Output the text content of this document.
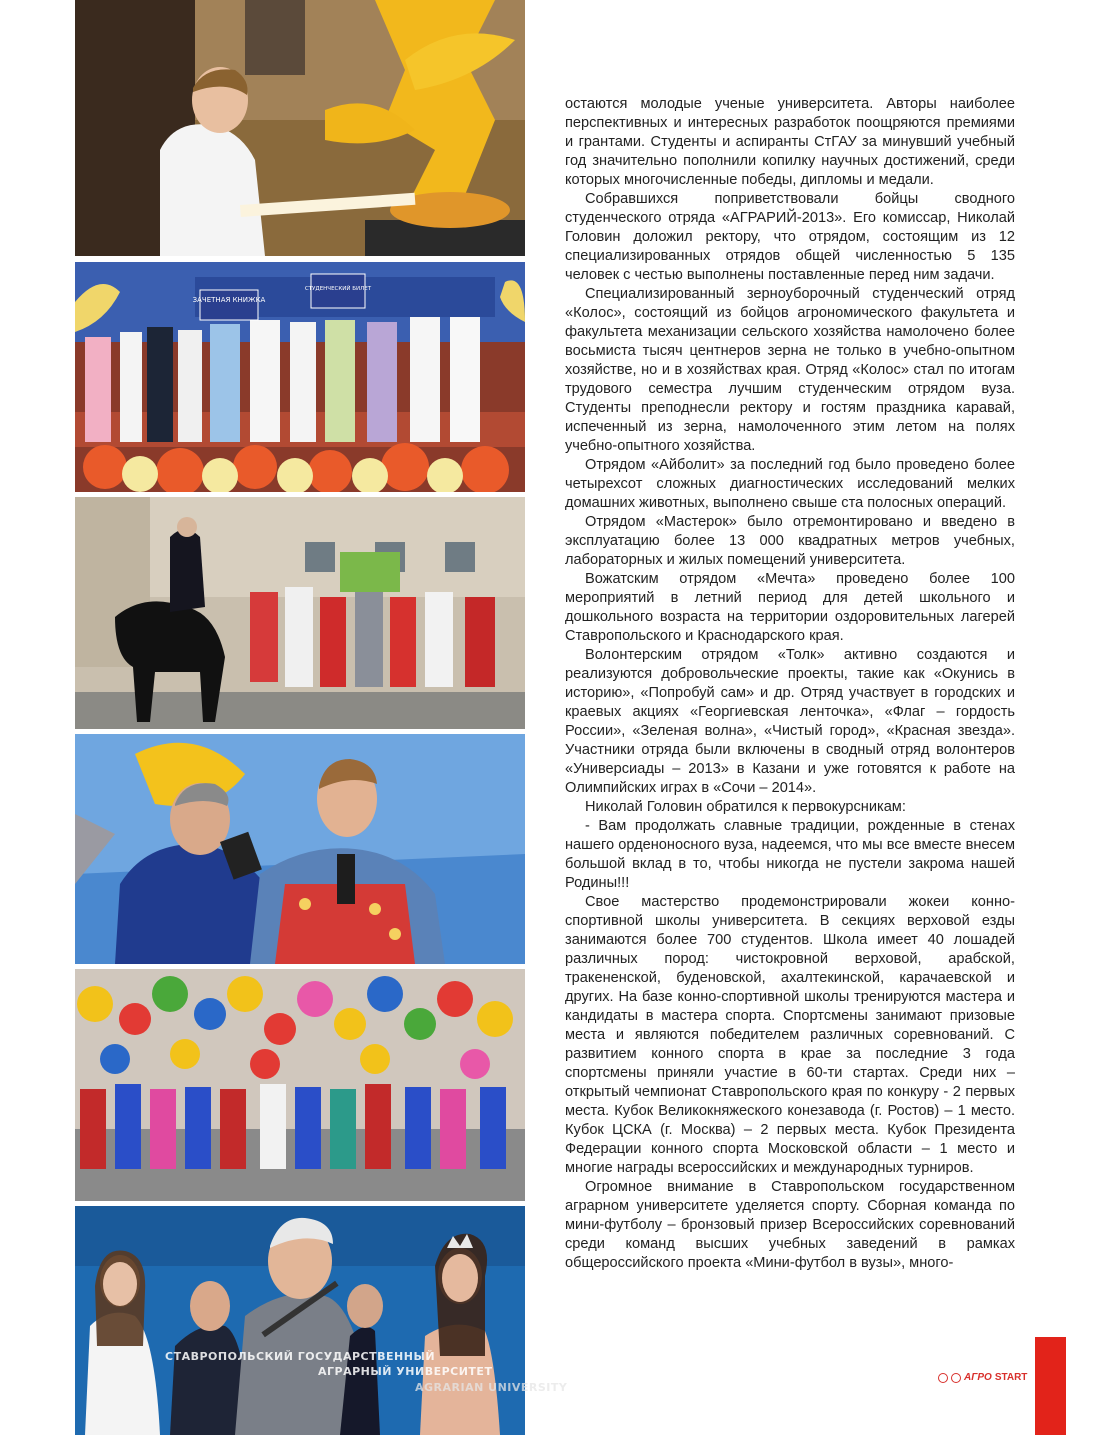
ЗАЧЕТНАЯ КНИЖКА
СТУДЕНЧЕСКИЙ БИЛЕТ
СТАВРОПОЛЬСКИЙ ГОСУДАРСТВЕННЫЙ
АГРАРНЫЙ УНИВЕРСИТЕТ
AGRARIAN UNIVERSITY

остаются молодые ученые университета. Авторы наиболее перспективных и интересных разработок поощряются премиями и грантами. Студенты и аспиранты СтГАУ за минувший учебный год значительно пополнили копилку научных достижений, среди которых многочисленные победы, дипломы и медали.

Собравшихся поприветствовали бойцы сводного студенческого отряда «АГРАРИЙ-2013». Его комиссар, Николай Головин доложил ректору, что отрядом, состоящим из 12 специализированных отрядов общей численностью 5 135 человек с честью выполнены поставленные перед ним задачи.

Специализированный зерноуборочный студенческий отряд «Колос», состоящий из бойцов агрономического факультета и факультета механизации сельского хозяйства намолочено более восьмиста тысяч центнеров зерна не только в учебно-опытном хозяйстве, но и в хозяйствах края. Отряд «Колос» стал по итогам трудового семестра лучшим студенческим отрядом вуза. Студенты преподнесли ректору и гостям праздника каравай, испеченный из зерна, намолоченного этим летом на полях учебно-опытного хозяйства.

Отрядом «Айболит» за последний год было проведено более четырехсот сложных диагностических исследований мелких домашних животных, выполнено свыше ста полосных операций.

Отрядом «Мастерок» было отремонтировано и введено в эксплуатацию более 13 000 квадратных метров учебных, лабораторных и жилых помещений университета.

Вожатским отрядом «Мечта» проведено более 100 мероприятий в летний период для детей школьного и дошкольного возраста на территории оздоровительных лагерей Ставропольского и Краснодарского края.

Волонтерским отрядом «Толк» активно создаются и реализуются добровольческие проекты, такие как «Окунись в историю», «Попробуй сам» и др. Отряд участвует в городских и краевых акциях «Георгиевская ленточка», «Флаг – гордость России», «Зеленая волна», «Чистый город», «Красная звезда». Участники отряда были включены в сводный отряд волонтеров «Универсиады – 2013» в Казани и уже готовятся к работе на Олимпийских играх в «Сочи – 2014».

Николай Головин обратился к первокурсникам:

- Вам продолжать славные традиции, рожденные в стенах нашего орденоносного вуза, надеемся, что мы все вместе внесем большой вклад в то, чтобы никогда не пустели закрома нашей Родины!!!

Свое мастерство продемонстрировали жокеи конно-спортивной школы университета. В секциях верховой езды занимаются более 700 студентов. Школа имеет 40 лошадей различных пород: чистокровной верховой, арабской, тракененской, буденовской, ахалтекинской, карачаевской и других. На базе конно-спортивной школы тренируются мастера и кандидаты в мастера спорта. Спортсмены занимают призовые места и являются победителем различных соревнований. С развитием конного спорта в крае за последние 3 года спортсмены приняли участие в 60-ти стартах. Среди них – открытый чемпионат Ставропольского края по конкуру - 2 первых места. Кубок Великокняжеского конезавода (г. Ростов) – 1 место. Кубок ЦСКА (г. Москва) – 2 первых места. Кубок Президента Федерации конного спорта Московской области – 1 место и многие награды всероссийских и международных турниров.

Огромное внимание в Ставропольском государственном аграрном университете уделяется спорту. Сборная команда по мини-футболу – бронзовый призер Всероссийских соревнований среди команд высших учебных заведений в рамках общероссийского проекта «Мини-футбол в вузы», много-

АГРО START
